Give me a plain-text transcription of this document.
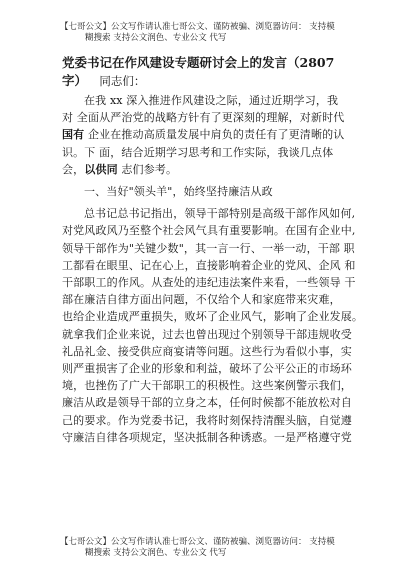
【七哥公文】公文写作请认准七哥公文、谨防被骗、浏览器访问： 支持模
糊搜索 支持公文润色、专业公文 代写
党委书记在作风建设专题研讨会上的发言（2807
字） 同志们：
在我 xx 深入推进作风建设之际，通过近期学习，我
对 全面从严治党的战略方针有了更深刻的理解，对新时代
国有 企业在推动高质量发展中肩负的责任有了更清晰的认
识。下 面，结合近期学习思考和工作实际，我谈几点体
会，以供同 志们参考。
一、当好"领头羊"，始终坚持廉洁从政
总书记总书记指出，领导干部特别是高级干部作风如何,
对党风政风乃至整个社会风气具有重要影响。在国有企业中,
领导干部作为"关键少数"，其一言一行、一举一动，干部 职
工都看在眼里、记在心上，直接影响着企业的党风、企风 和
干部职工的作风。从查处的违纪违法案件来看，一些领导 干
部在廉洁自律方面出问题，不仅给个人和家庭带来灾难，
也给企业造成严重损失，败坏了企业风气，影响了企业发展。
就拿我们企业来说，过去也曾出现过个别领导干部违规收受
礼品礼金、接受供应商宴请等问题。这些行为看似小事，实
则严重损害了企业的形象和利益，破坏了公平公正的市场环
境，也挫伤了广大干部职工的积极性。这些案例警示我们，
廉洁从政是领导干部的立身之本，任何时候都不能放松对自
己的要求。作为党委书记，我将时刻保持清醒头脑，自觉遵
守廉洁自律各项规定，坚决抵制各种诱惑。一是严格遵守党
【七哥公文】公文写作请认准七哥公文、谨防被骗、浏览器访问： 支持模
糊搜索 支持公文润色、专业公文 代写
